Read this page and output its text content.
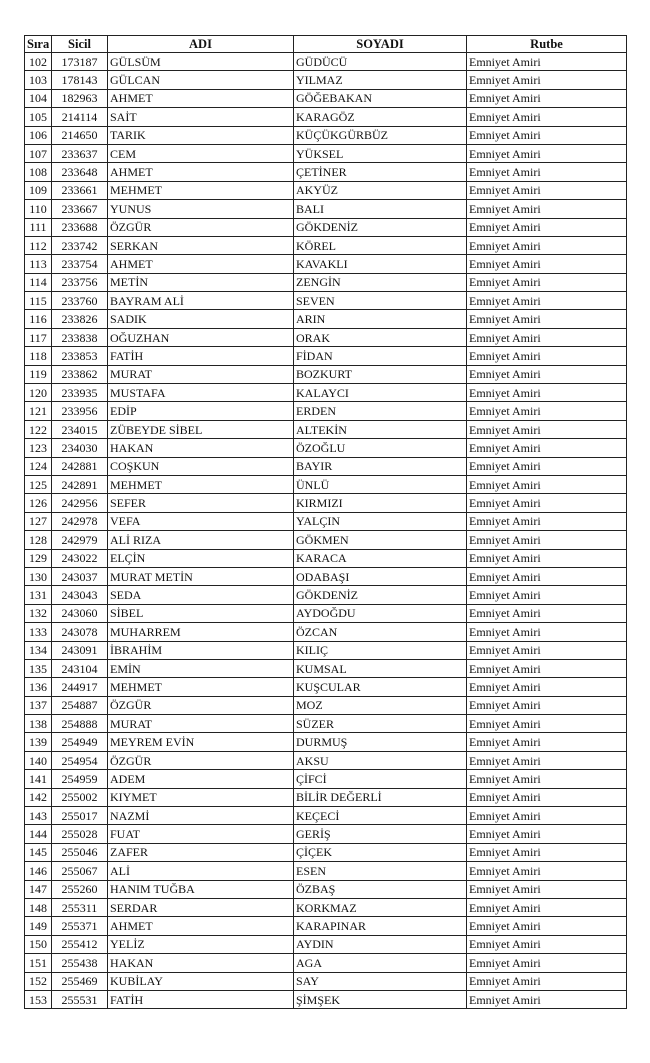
Sıra	Sicil	ADI	SOYADI	Rutbe
102	173187	GÜLSÜM	GÜDÜCÜ	Emniyet Amiri
103	178143	GÜLCAN	YILMAZ	Emniyet Amiri
104	182963	AHMET	GÖĞEBAKAN	Emniyet Amiri
105	214114	SAİT	KARAGÖZ	Emniyet Amiri
106	214650	TARIK	KÜÇÜKGÜRBÜZ	Emniyet Amiri
107	233637	CEM	YÜKSEL	Emniyet Amiri
108	233648	AHMET	ÇETİNER	Emniyet Amiri
109	233661	MEHMET	AKYÜZ	Emniyet Amiri
110	233667	YUNUS	BALI	Emniyet Amiri
111	233688	ÖZGÜR	GÖKDENİZ	Emniyet Amiri
112	233742	SERKAN	KÖREL	Emniyet Amiri
113	233754	AHMET	KAVAKLI	Emniyet Amiri
114	233756	METİN	ZENGİN	Emniyet Amiri
115	233760	BAYRAM ALİ	SEVEN	Emniyet Amiri
116	233826	SADIK	ARIN	Emniyet Amiri
117	233838	OĞUZHAN	ORAK	Emniyet Amiri
118	233853	FATİH	FİDAN	Emniyet Amiri
119	233862	MURAT	BOZKURT	Emniyet Amiri
120	233935	MUSTAFA	KALAYCI	Emniyet Amiri
121	233956	EDİP	ERDEN	Emniyet Amiri
122	234015	ZÜBEYDE SİBEL	ALTEKİN	Emniyet Amiri
123	234030	HAKAN	ÖZOĞLU	Emniyet Amiri
124	242881	COŞKUN	BAYIR	Emniyet Amiri
125	242891	MEHMET	ÜNLÜ	Emniyet Amiri
126	242956	SEFER	KIRMIZI	Emniyet Amiri
127	242978	VEFA	YALÇIN	Emniyet Amiri
128	242979	ALİ RIZA	GÖKMEN	Emniyet Amiri
129	243022	ELÇİN	KARACA	Emniyet Amiri
130	243037	MURAT METİN	ODABAŞI	Emniyet Amiri
131	243043	SEDA	GÖKDENİZ	Emniyet Amiri
132	243060	SİBEL	AYDOĞDU	Emniyet Amiri
133	243078	MUHARREM	ÖZCAN	Emniyet Amiri
134	243091	İBRAHİM	KILIÇ	Emniyet Amiri
135	243104	EMİN	KUMSAL	Emniyet Amiri
136	244917	MEHMET	KUŞCULAR	Emniyet Amiri
137	254887	ÖZGÜR	MOZ	Emniyet Amiri
138	254888	MURAT	SÜZER	Emniyet Amiri
139	254949	MEYREM EVİN	DURMUŞ	Emniyet Amiri
140	254954	ÖZGÜR	AKSU	Emniyet Amiri
141	254959	ADEM	ÇİFCİ	Emniyet Amiri
142	255002	KIYMET	BİLİR DEĞERLİ	Emniyet Amiri
143	255017	NAZMİ	KEÇECİ	Emniyet Amiri
144	255028	FUAT	GERİŞ	Emniyet Amiri
145	255046	ZAFER	ÇİÇEK	Emniyet Amiri
146	255067	ALİ	ESEN	Emniyet Amiri
147	255260	HANIM TUĞBA	ÖZBAŞ	Emniyet Amiri
148	255311	SERDAR	KORKMAZ	Emniyet Amiri
149	255371	AHMET	KARAPINAR	Emniyet Amiri
150	255412	YELİZ	AYDIN	Emniyet Amiri
151	255438	HAKAN	AGA	Emniyet Amiri
152	255469	KUBİLAY	SAY	Emniyet Amiri
153	255531	FATİH	ŞİMŞEK	Emniyet Amiri
